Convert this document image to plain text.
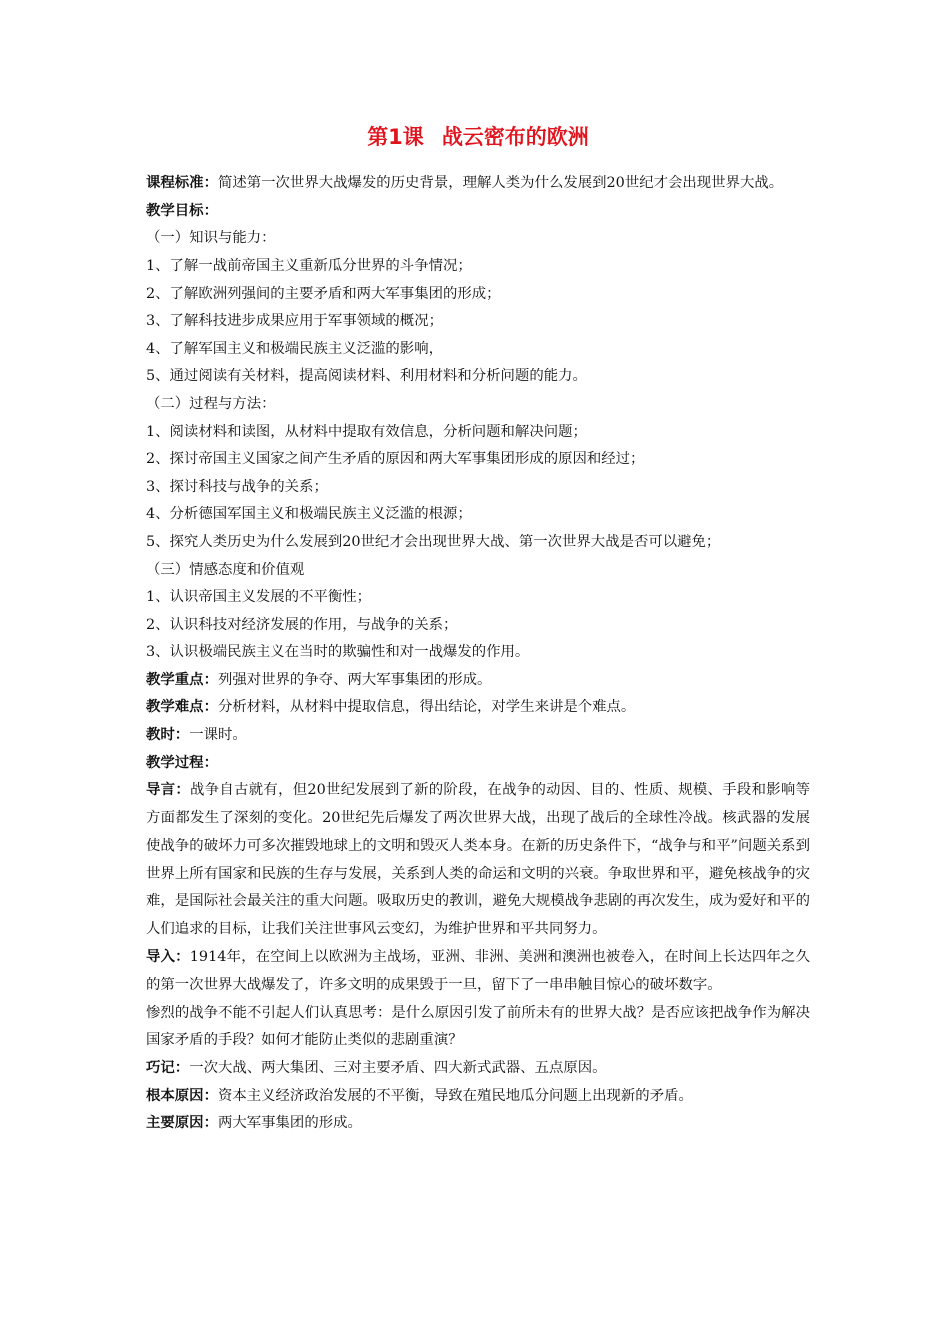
第1课 战云密布的欧洲
课程标准：简述第一次世界大战爆发的历史背景，理解人类为什么发展到20世纪才会出现世界大战。
教学目标：
（一）知识与能力：
1、了解一战前帝国主义重新瓜分世界的斗争情况；
2、了解欧洲列强间的主要矛盾和两大军事集团的形成；
3、了解科技进步成果应用于军事领域的概况；
4、了解军国主义和极端民族主义泛滥的影响，
5、通过阅读有关材料，提高阅读材料、利用材料和分析问题的能力。
（二）过程与方法：
1、阅读材料和读图，从材料中提取有效信息，分析问题和解决问题；
2、探讨帝国主义国家之间产生矛盾的原因和两大军事集团形成的原因和经过；
3、探讨科技与战争的关系；
4、分析德国军国主义和极端民族主义泛滥的根源；
5、探究人类历史为什么发展到20世纪才会出现世界大战、第一次世界大战是否可以避免；
（三）情感态度和价值观
1、认识帝国主义发展的不平衡性；
2、认识科技对经济发展的作用，与战争的关系；
3、认识极端民族主义在当时的欺骗性和对一战爆发的作用。
教学重点：列强对世界的争夺、两大军事集团的形成。
教学难点：分析材料，从材料中提取信息，得出结论，对学生来讲是个难点。
教时：一课时。
教学过程：
导言：战争自古就有，但20世纪发展到了新的阶段，在战争的动因、目的、性质、规模、手段和影响等方面都发生了深刻的变化。20世纪先后爆发了两次世界大战，出现了战后的全球性冷战。核武器的发展使战争的破坏力可多次摧毁地球上的文明和毁灭人类本身。在新的历史条件下，“战争与和平”问题关系到世界上所有国家和民族的生存与发展，关系到人类的命运和文明的兴衰。争取世界和平，避免核战争的灾难，是国际社会最关注的重大问题。吸取历史的教训，避免大规模战争悲剧的再次发生，成为爱好和平的人们追求的目标，让我们关注世事风云变幻，为维护世界和平共同努力。
导入：1914年，在空间上以欧洲为主战场，亚洲、非洲、美洲和澳洲也被卷入，在时间上长达四年之久的第一次世界大战爆发了，许多文明的成果毁于一旦，留下了一串串触目惊心的破坏数字。
惨烈的战争不能不引起人们认真思考：是什么原因引发了前所未有的世界大战？是否应该把战争作为解决国家矛盾的手段？如何才能防止类似的悲剧重演？
巧记：一次大战、两大集团、三对主要矛盾、四大新式武器、五点原因。
根本原因：资本主义经济政治发展的不平衡，导致在殖民地瓜分问题上出现新的矛盾。
主要原因：两大军事集团的形成。
